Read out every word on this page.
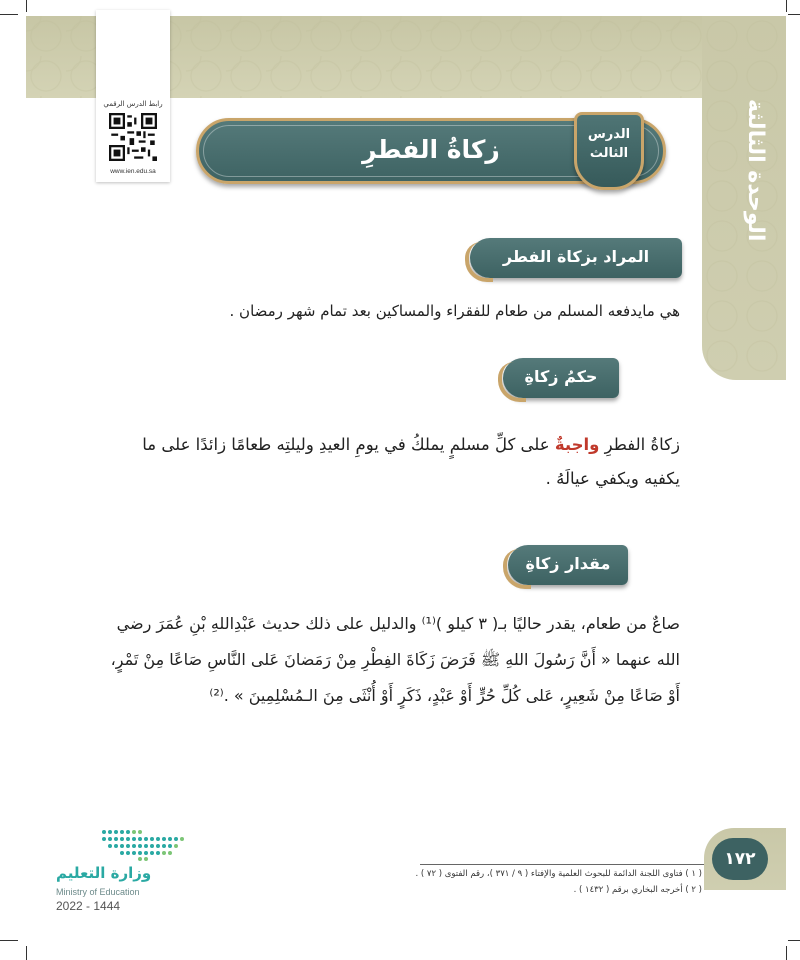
الوحدة الثالثة
رابط الدرس الرقمي
www.ien.edu.sa
زكاةُ الفطرِ
الدرس
الثالث
المراد بزكاة الفطر

هي مايدفعه المسلم من طعام للفقراء والمساكين بعد تمام شهر رمضان .

حكمُ زكاةِ الفطرِ

زكاةُ الفطرِ واجبةٌ على كلِّ مسلمٍ يملكُ في يومِ العيدِ وليلتِه طعامًا زائدًا على ما يكفيه ويكفي عيالَهُ .

مقدار زكاةِ الفطرِ

صاعٌ من طعام، يقدر حاليًا بـ( ٣ كيلو )⁽¹⁾ والدليل على ذلك حديث عَبْدِاللهِ بْنِ عُمَرَ رضي الله عنهما « أَنَّ رَسُولَ اللهِ ﷺ فَرَضَ زَكَاةَ الفِطْرِ مِنْ رَمَضانَ عَلى النَّاسِ صَاعًا مِنْ تَمْرٍ، أَوْ صَاعًا مِنْ شَعِيرٍ، عَلى كُلِّ حُرٍّ أَوْ عَبْدٍ، ذَكَرٍ أَوْ أُنْثَى مِنَ الـمُسْلِمِينَ » .⁽²⁾

( ١ ) فتاوى اللجنة الدائمة للبحوث العلمية والإفتاء ( ٩ / ٣٧١ )، رقم الفتوى ( ٧٢ ) .
( ٢ ) أخرجه البخاري برقم ( ١٤٣٢ ) .
١٧٢
وزارة التعليم
Ministry of Education
2022 - 1444
